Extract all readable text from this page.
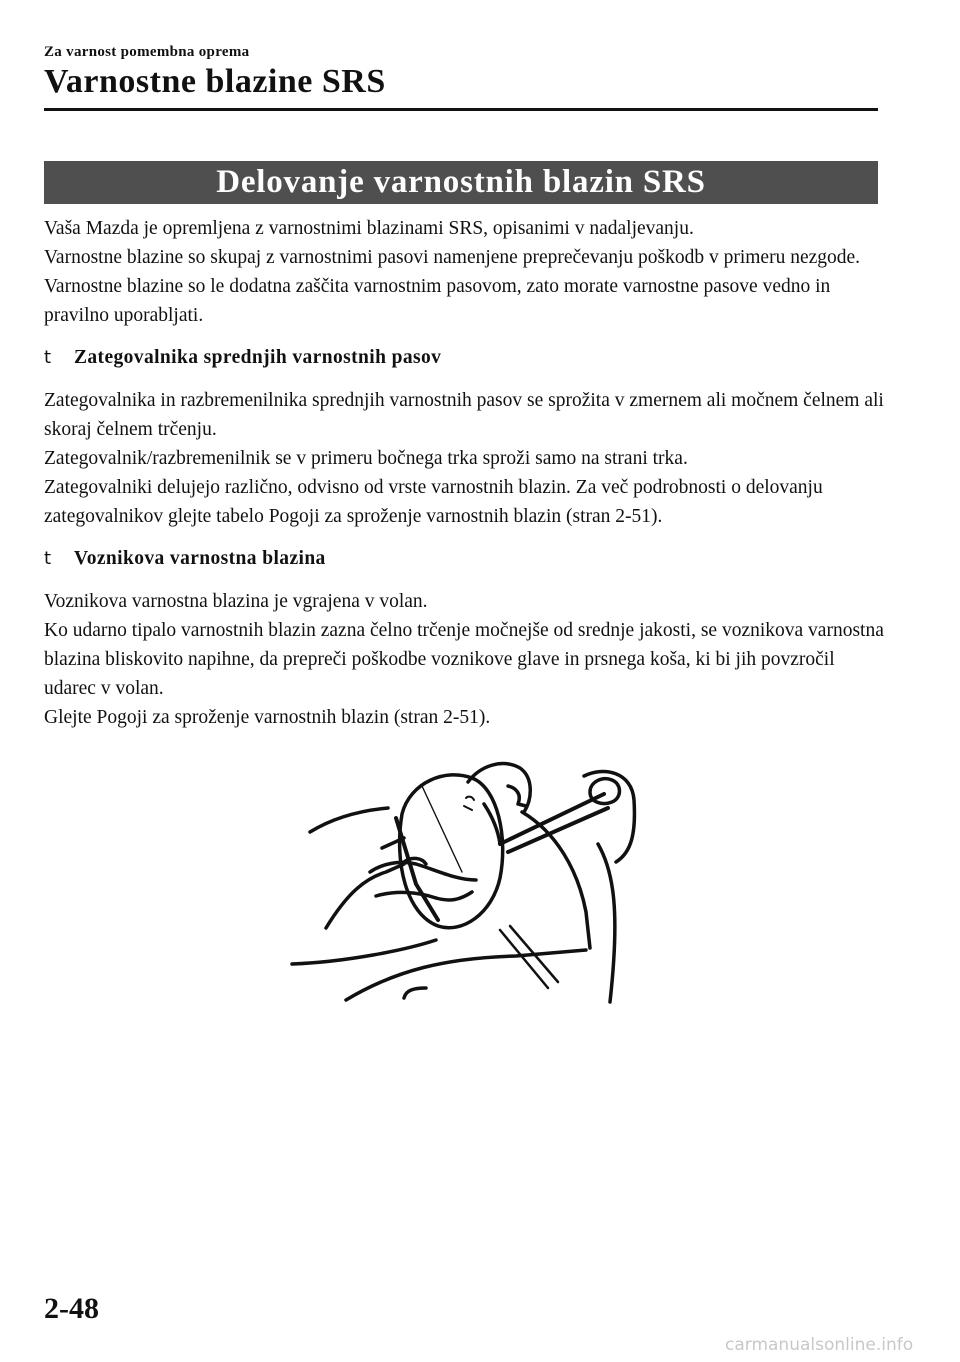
Za varnost pomembna oprema
Varnostne blazine SRS
Delovanje varnostnih blazin SRS

Vaša Mazda je opremljena z varnostnimi blazinami SRS, opisanimi v nadaljevanju.

Varnostne blazine so skupaj z varnostnimi pasovi namenjene preprečevanju poškodb v primeru nezgode.

Varnostne blazine so le dodatna zaščita varnostnim pasovom, zato morate varnostne pasove vedno in pravilno uporabljati.

t	Zategovalnika sprednjih varnostnih pasov

Zategovalnika in razbremenilnika sprednjih varnostnih pasov se sprožita v zmernem ali močnem čelnem ali skoraj čelnem trčenju.

Zategovalnik/razbremenilnik se v primeru bočnega trka sproži samo na strani trka.

Zategovalniki delujejo različno, odvisno od vrste varnostnih blazin. Za več podrobnosti o delovanju zategovalnikov glejte tabelo Pogoji za sproženje varnostnih blazin (stran 2-51).

t	Voznikova varnostna blazina

Voznikova varnostna blazina je vgrajena v volan.

Ko udarno tipalo varnostnih blazin zazna čelno trčenje močnejše od srednje jakosti, se voznikova varnostna blazina bliskovito napihne, da prepreči poškodbe voznikove glave in prsnega koša, ki bi jih povzročil udarec v volan.

Glejte Pogoji za sproženje varnostnih blazin (stran 2-51).

2-48
carmanualsonline.info
